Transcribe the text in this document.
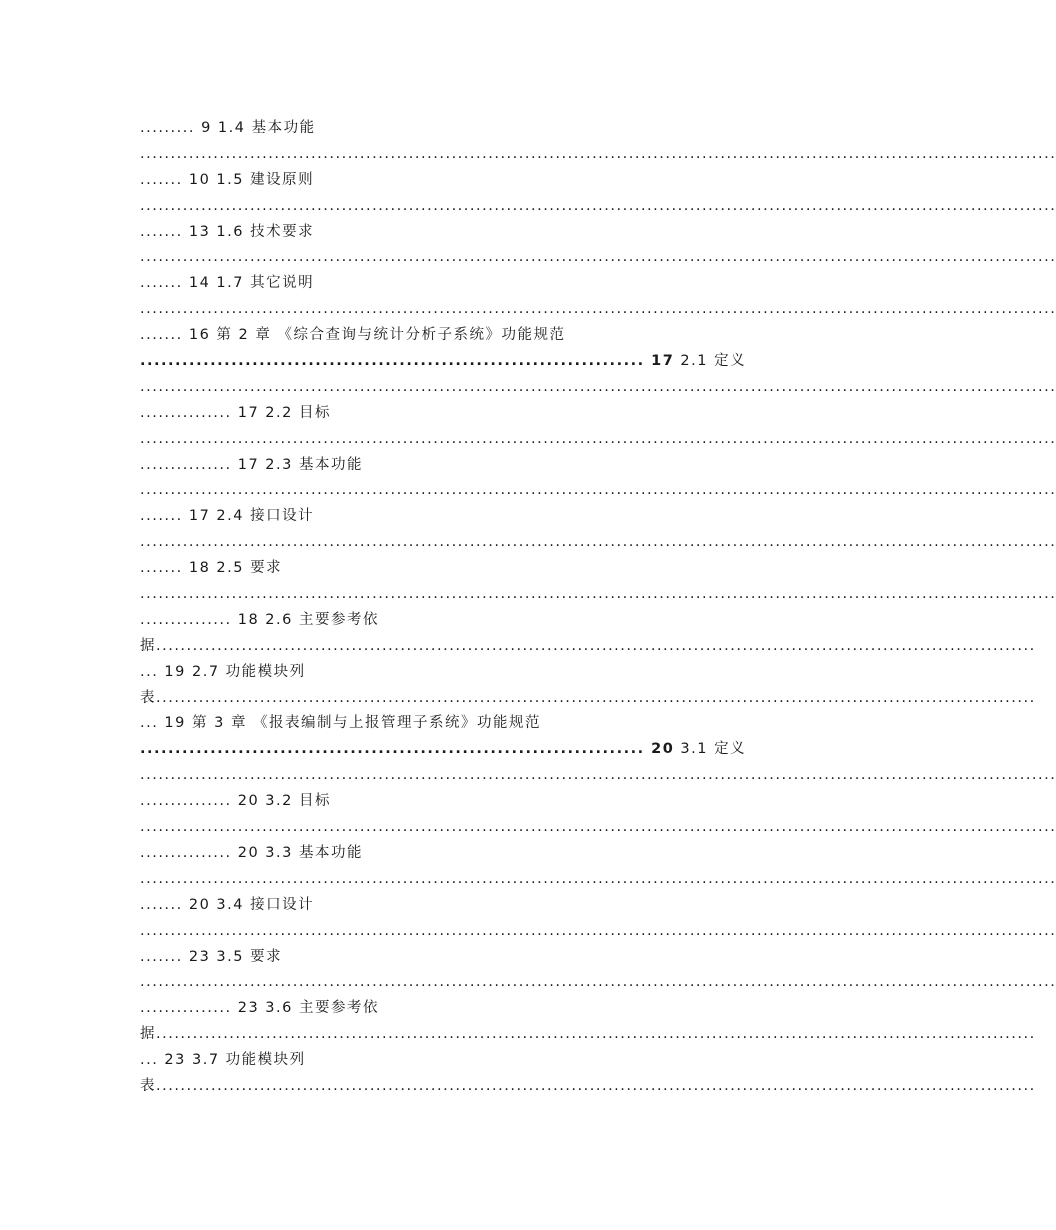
......... 9 1.4 基本功能
......................................................................................................................................................
....... 10 1.5 建设原则
......................................................................................................................................................
....... 13 1.6 技术要求
......................................................................................................................................................
....... 14 1.7 其它说明
......................................................................................................................................................
....... 16 第 2 章 《综合查询与统计分析子系统》功能规范
........................................................................ 17 2.1 定义
......................................................................................................................................................
............... 17 2.2 目标
......................................................................................................................................................
............... 17 2.3 基本功能
......................................................................................................................................................
....... 17 2.4 接口设计
......................................................................................................................................................
....... 18 2.5 要求
......................................................................................................................................................
............... 18 2.6 主要参考依
据................................................................................................................................................
... 19 2.7 功能模块列
表................................................................................................................................................
... 19 第 3 章 《报表编制与上报管理子系统》功能规范
........................................................................ 20 3.1 定义
......................................................................................................................................................
............... 20 3.2 目标
......................................................................................................................................................
............... 20 3.3 基本功能
......................................................................................................................................................
....... 20 3.4 接口设计
......................................................................................................................................................
....... 23 3.5 要求
......................................................................................................................................................
............... 23 3.6 主要参考依
据................................................................................................................................................
... 23 3.7 功能模块列
表................................................................................................................................................
